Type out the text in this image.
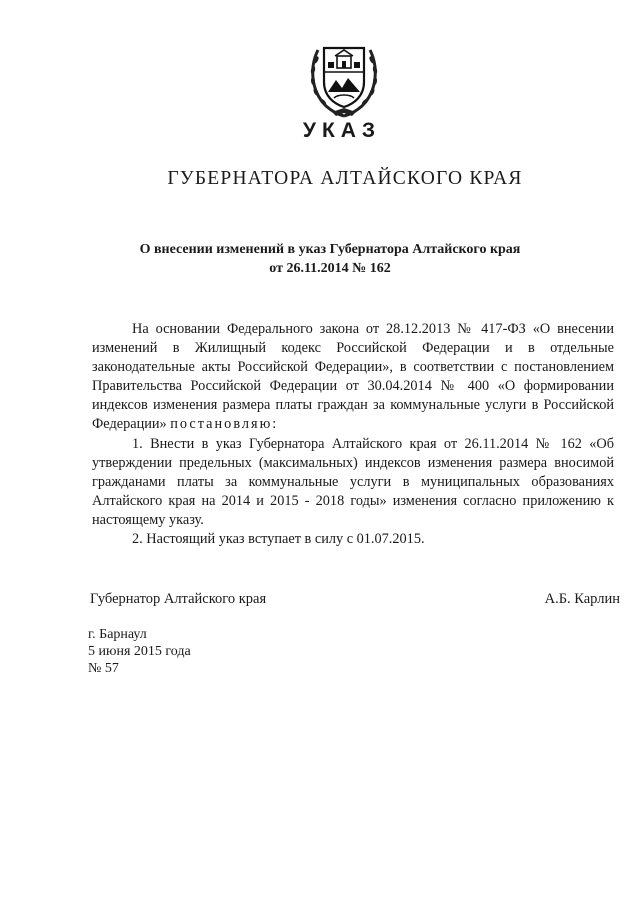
УКАЗ
ГУБЕРНАТОРА АЛТАЙСКОГО КРАЯ
О внесении изменений в указ Губернатора Алтайского края
от 26.11.2014 № 162

На основании Федерального закона от 28.12.2013 № 417-ФЗ «О внесении изменений в Жилищный кодекс Российской Федерации и в отдельные законодательные акты Российской Федерации», в соответствии с постановлением Правительства Российской Федерации от 30.04.2014 № 400 «О формировании индексов изменения размера платы граждан за коммунальные услуги в Российской Федерации» постановляю:

1. Внести в указ Губернатора Алтайского края от 26.11.2014 № 162 «Об утверждении предельных (максимальных) индексов изменения размера вносимой гражданами платы за коммунальные услуги в муниципальных образованиях Алтайского края на 2014 и 2015 - 2018 годы» изменения согласно приложению к настоящему указу.

2. Настоящий указ вступает в силу с 01.07.2015.

Губернатор Алтайского края	А.Б. Карлин
г. Барнаул
5 июня 2015 года
№ 57
